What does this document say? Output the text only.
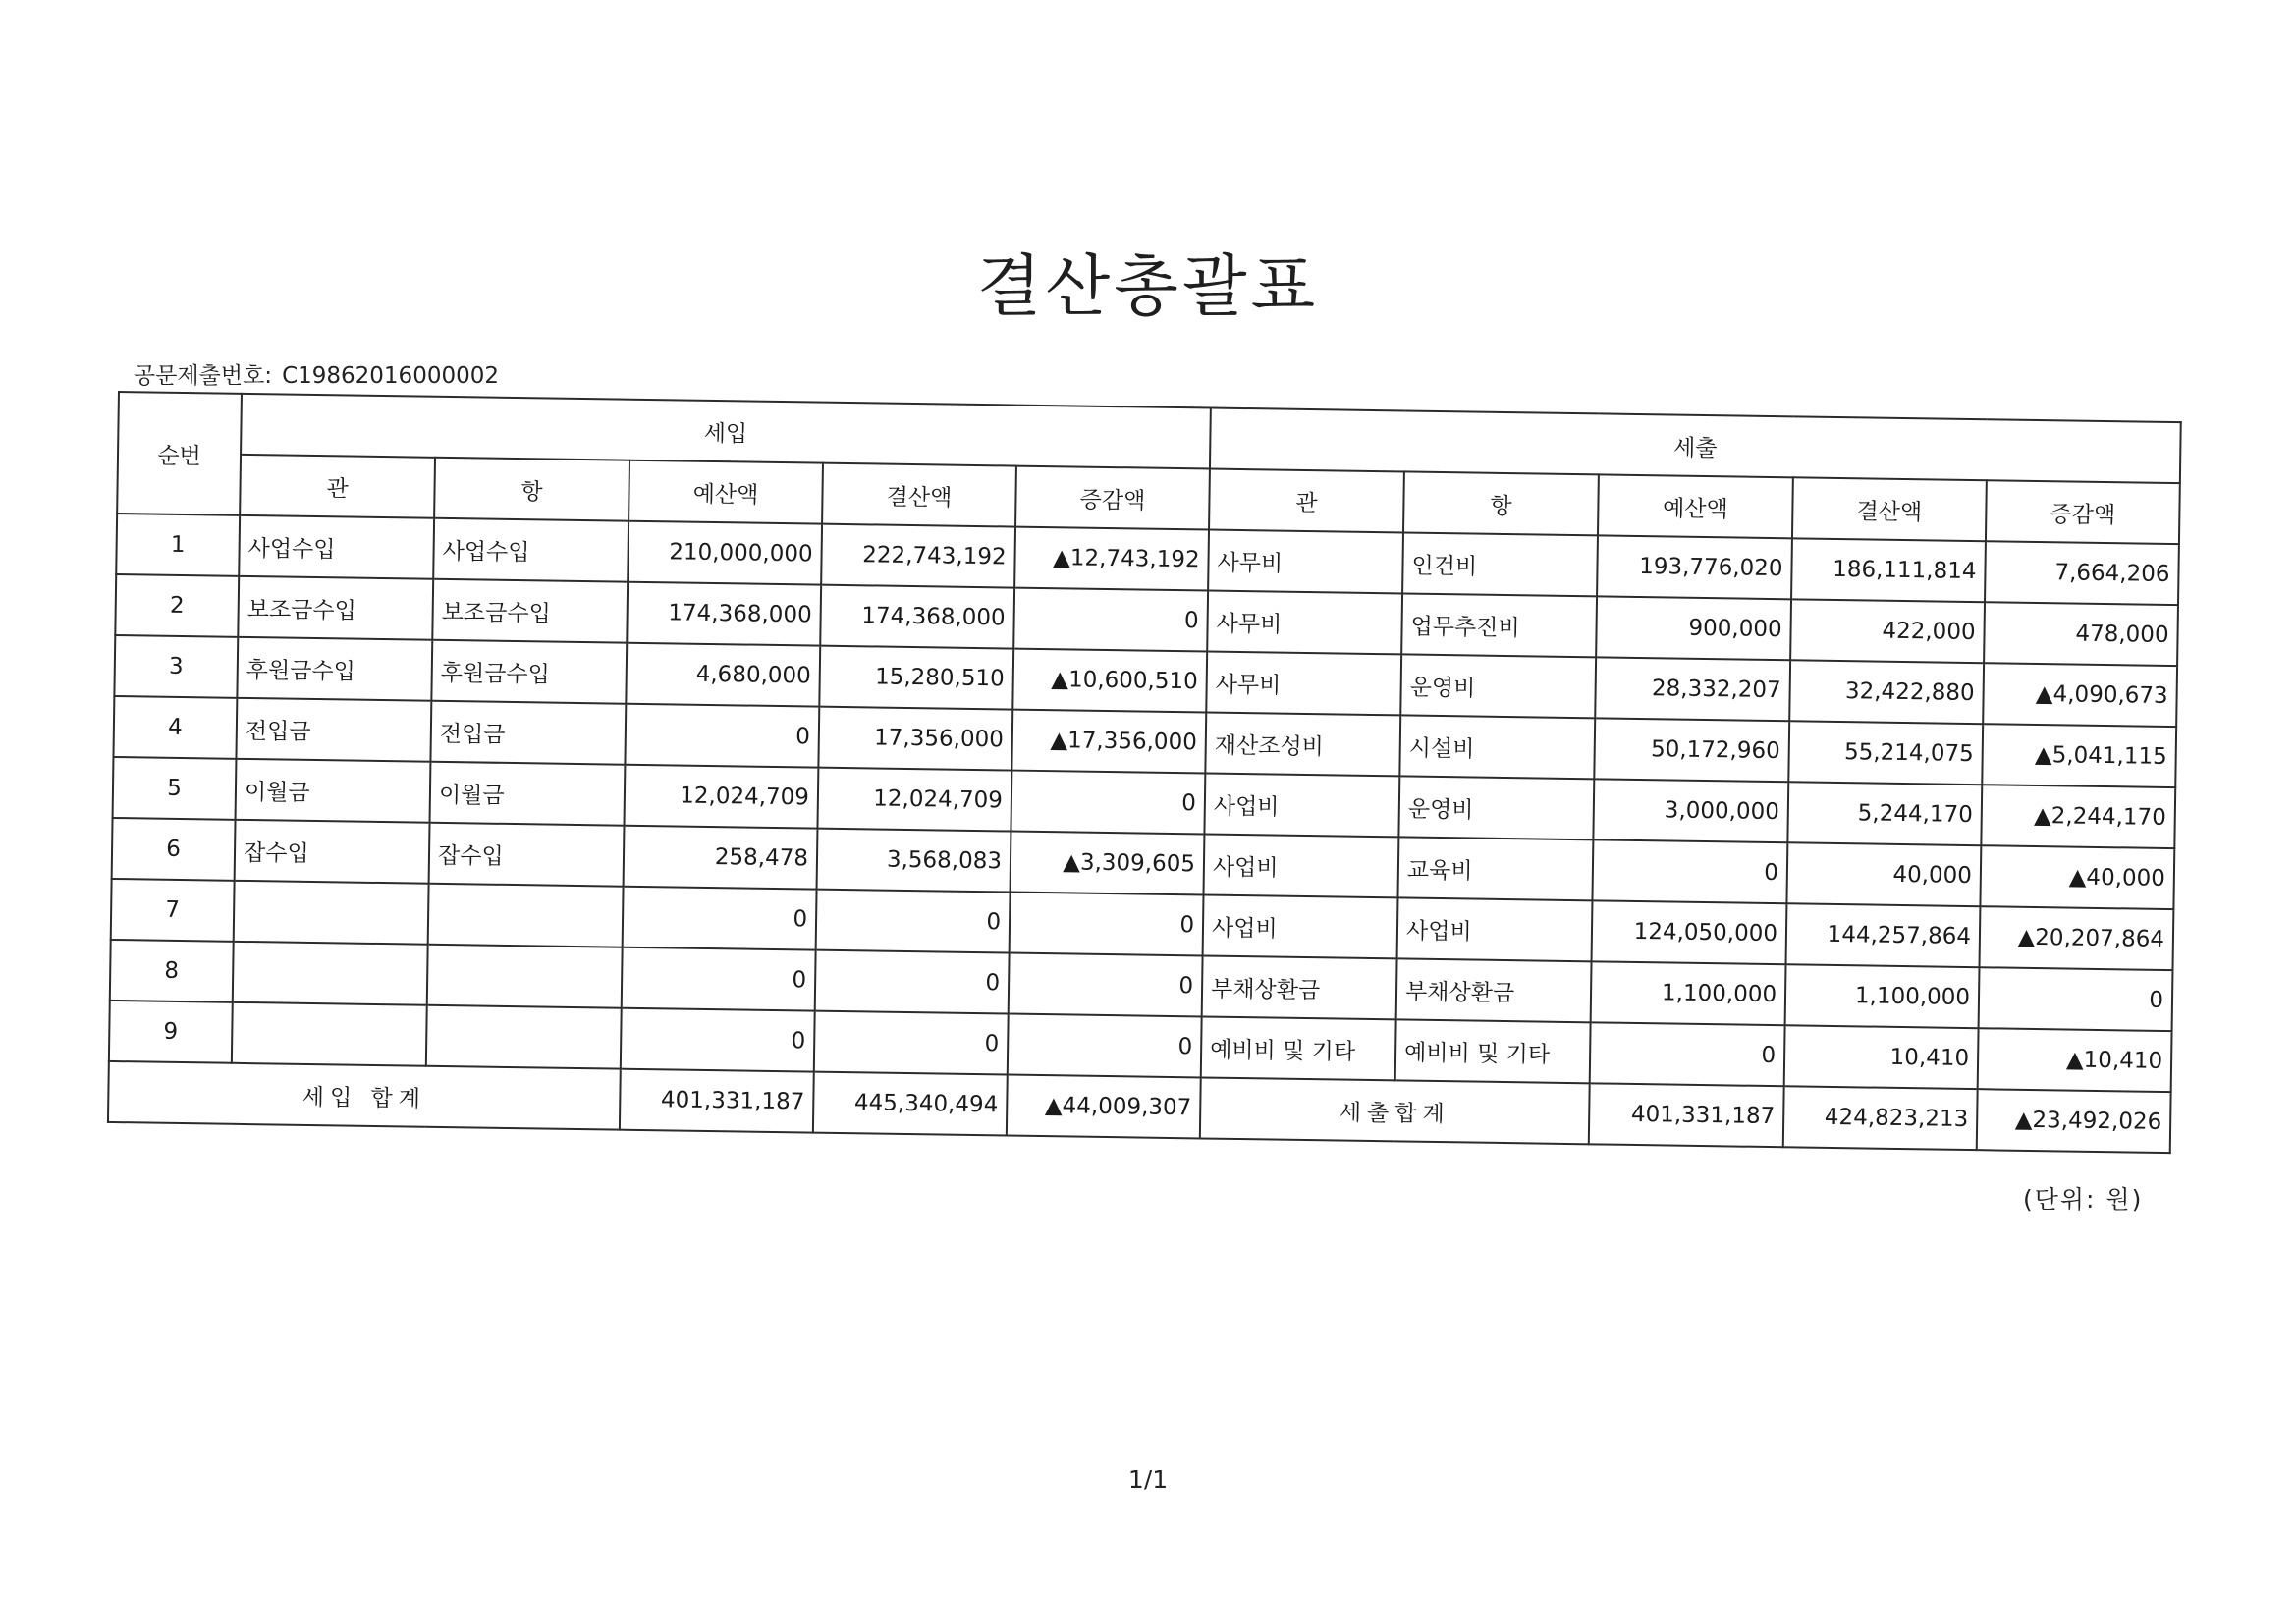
결산총괄표
공문제출번호: C19862016000002
순번	세입					세출				
	관	항	예산액	결산액	증감액	관	항	예산액	결산액	증감액
1	사업수입	사업수입	210,000,000	222,743,192	▲12,743,192	사무비	인건비	193,776,020	186,111,814	7,664,206
2	보조금수입	보조금수입	174,368,000	174,368,000	0	사무비	업무추진비	900,000	422,000	478,000
3	후원금수입	후원금수입	4,680,000	15,280,510	▲10,600,510	사무비	운영비	28,332,207	32,422,880	▲4,090,673
4	전입금	전입금	0	17,356,000	▲17,356,000	재산조성비	시설비	50,172,960	55,214,075	▲5,041,115
5	이월금	이월금	12,024,709	12,024,709	0	사업비	운영비	3,000,000	5,244,170	▲2,244,170
6	잡수입	잡수입	258,478	3,568,083	▲3,309,605	사업비	교육비	0	40,000	▲40,000
7			0	0	0	사업비	사업비	124,050,000	144,257,864	▲20,207,864
8			0	0	0	부채상환금	부채상환금	1,100,000	1,100,000	0
9			0	0	0	예비비 및 기타	예비비 및 기타	0	10,410	▲10,410
세입 합계			401,331,187	445,340,494	▲44,009,307	세출합계		401,331,187	424,823,213	▲23,492,026
(단위: 원)
1/1
